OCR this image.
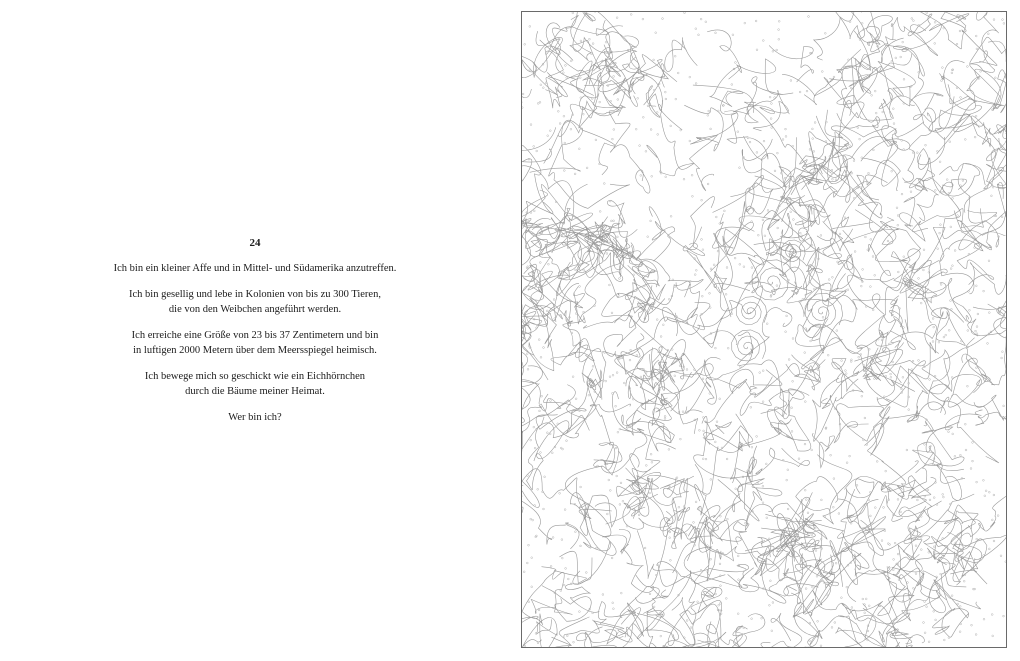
24

Ich bin ein kleiner Affe und in Mittel- und Südamerika anzutreffen.

Ich bin gesellig und lebe in Kolonien von bis zu 300 Tieren,
die von den Weibchen angeführt werden.

Ich erreiche eine Größe von 23 bis 37 Zentimetern und bin
in luftigen 2000 Metern über dem Meersspiegel heimisch.

Ich bewege mich so geschickt wie ein Eichhörnchen
durch die Bäume meiner Heimat.

Wer bin ich?
